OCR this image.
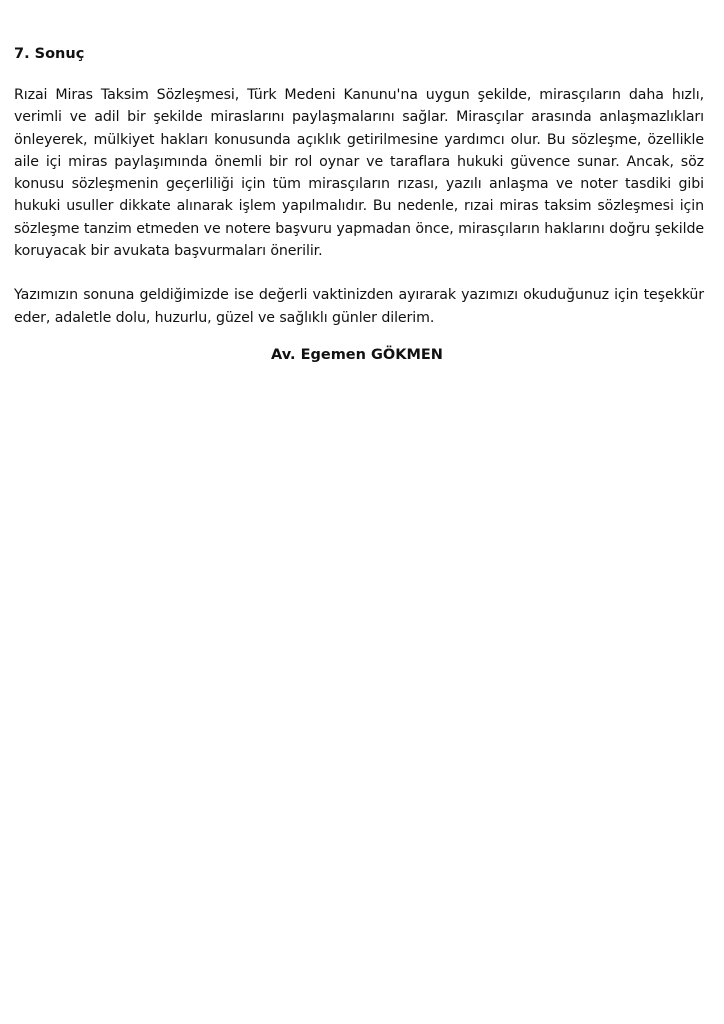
7. Sonuç

Rızai Miras Taksim Sözleşmesi, Türk Medeni Kanunu'na uygun şekilde, mirasçıların daha hızlı, verimli ve adil bir şekilde miraslarını paylaşmalarını sağlar. Mirasçılar arasında anlaşmazlıkları önleyerek, mülkiyet hakları konusunda açıklık getirilmesine yardımcı olur. Bu sözleşme, özellikle aile içi miras paylaşımında önemli bir rol oynar ve taraflara hukuki güvence sunar. Ancak, söz konusu sözleşmenin geçerliliği için tüm mirasçıların rızası, yazılı anlaşma ve noter tasdiki gibi hukuki usuller dikkate alınarak işlem yapılmalıdır. Bu nedenle, rızai miras taksim sözleşmesi için sözleşme tanzim etmeden ve notere başvuru yapmadan önce, mirasçıların haklarını doğru şekilde koruyacak bir avukata başvurmaları önerilir.

Yazımızın sonuna geldiğimizde ise değerli vaktinizden ayırarak yazımızı okuduğunuz için teşekkür eder, adaletle dolu, huzurlu, güzel ve sağlıklı günler dilerim.

Av. Egemen GÖKMEN
